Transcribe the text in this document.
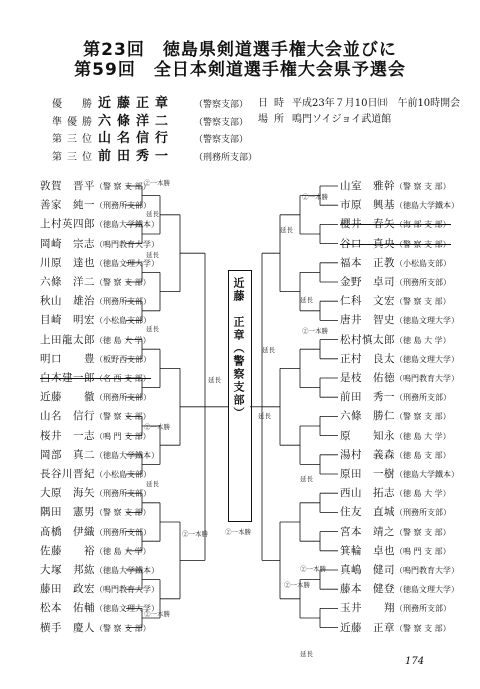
第23回　徳島県剣道選手権大会並びに
第59回　全日本剣道選手権大会県予選会
優　勝 近藤正章	（警察支部）
準優勝 六條洋二	（警察支部）
第三位 山名信行	（警察支部）
第三位 前田秀一	（刑務所支部）
日時 平成23年７月10日㈰　午前10時開会
場所 鳴門ソイジョイ武道館
敦賀　晋平（警 察 支 部）
善家　純一（刑務所支部）
上村英四郎（徳島大学鐵本）
岡崎　宗志（鳴門教育大学）
川原　達也（徳島文理大学）
六條　洋二（警 察 支 部）
秋山　雄治（刑務所支部）
目崎　明宏（小松島支部）
上田龍太郎（徳 島 大 学）
明口　　豊（板野西支部）
白木建一郎（名 西 支 部）
近藤　　徹（刑務所支部）
山名　信行（警 察 支 部）
桜井　一志（鳴 門 支 部）
岡部　真二（徳島大学鐵本）
長谷川晋紀（小松島支部）
大原　海矢（刑務所支部）
隅田　憲男（警 察 支 部）
髙橋　伊織（刑務所支部）
佐藤　　裕（徳 島 大 学）
大塚　邦紘（徳島大学鐵本）
藤田　政宏（鳴門教育大学）
松本　佑輔（徳島文理大学）
横手　慶人（警 察 支 部）
山室　雅幹（警 察 支 部）
市原　興基（徳島大学鐵本）
櫻井　春矢（海 部 支 部）
谷口　真央（警 察 支 部）
福本　正教（小松島支部）
金野　卓司（刑務所支部）
仁科　文宏（警 察 支 部）
唐井　智史（徳島文理大学）
松村慎太郎（徳 島 大 学）
正村　良太（徳島文理大学）
是枝　佑徳（鳴門教育大学）
前田　秀一（刑務所支部）
六條　勝仁（警 察 支 部）
原　　知永（徳 島 大 学）
湯村　義森（徳 島 支 部）
原田　一樹（徳島大学鐵本）
西山　拓志（徳 島 大 学）
住友　直城（刑務所支部）
宮本　靖之（警 察 支 部）
箕輪　卓也（鳴 門 支 部）
真嶋　健司（鳴門教育大学）
藤本　健登（徳島文理大学）
玉井　　翔（刑務所支部）
近藤　正章（警 察 支 部）
②一本勝
延長
延長
延長
②一本勝
延長
②一本勝
延長
②一本勝	②一本勝
②一本勝
延長
延長
延長
②一本勝
延長
延長
②一本勝
②一本勝
延長
近藤　正章（警察支部）
174
